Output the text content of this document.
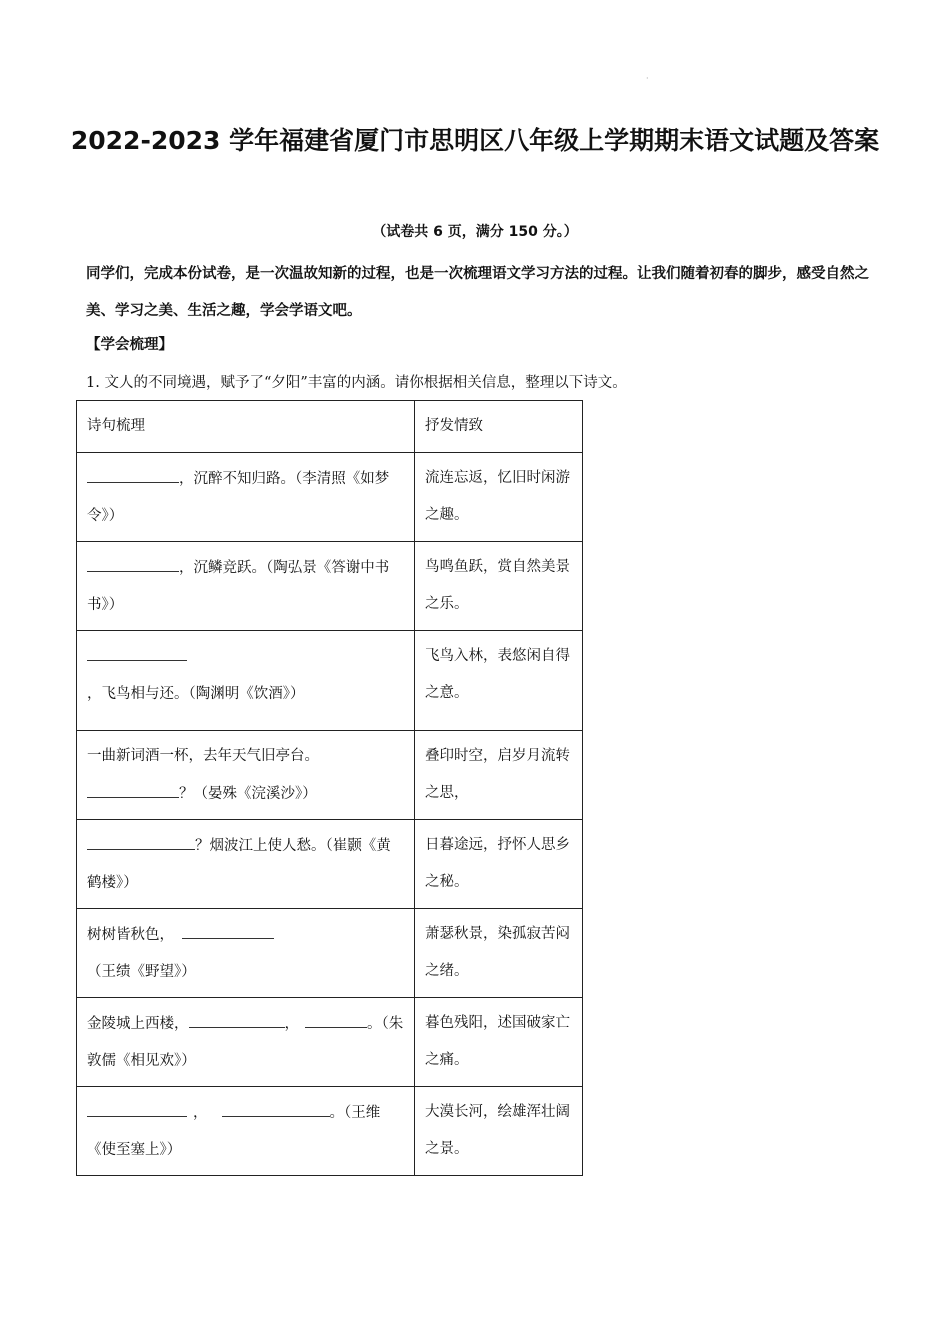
·
2022-2023 学年福建省厦门市思明区八年级上学期期末语文试题及答案
（试卷共 6 页，满分 150 分。）
同学们，完成本份试卷，是一次温故知新的过程，也是一次梳理语文学习方法的过程。让我们随着初春的脚步，感受自然之美、学习之美、生活之趣，学会学语文吧。
【学会梳理】
1. 文人的不同境遇，赋予了“夕阳”丰富的内涵。请你根据相关信息，整理以下诗文。
诗句梳理	抒发情致
，沉醉不知归路。（李清照《如梦令》）	流连忘返，忆旧时闲游之趣。
，沉鳞竞跃。（陶弘景《答谢中书书》）	鸟鸣鱼跃，赏自然美景之乐。
，飞鸟相与还。（陶渊明《饮酒》）	飞鸟入林，表悠闲自得之意。
一曲新词酒一杯，去年天气旧亭台。？（晏殊《浣溪沙》）	叠印时空，启岁月流转之思，
？烟波江上使人愁。（崔颢《黄鹤楼》）	日暮途远，抒怀人思乡之秘。
树树皆秋色，（王绩《野望》）	萧瑟秋景，染孤寂苦闷之绪。
金陵城上西楼， ， 。（朱敦儒《相见欢》）	暮色残阳，述国破家亡之痛。
， 。（王维《使至塞上》）	大漠长河，绘雄浑壮阔之景。
